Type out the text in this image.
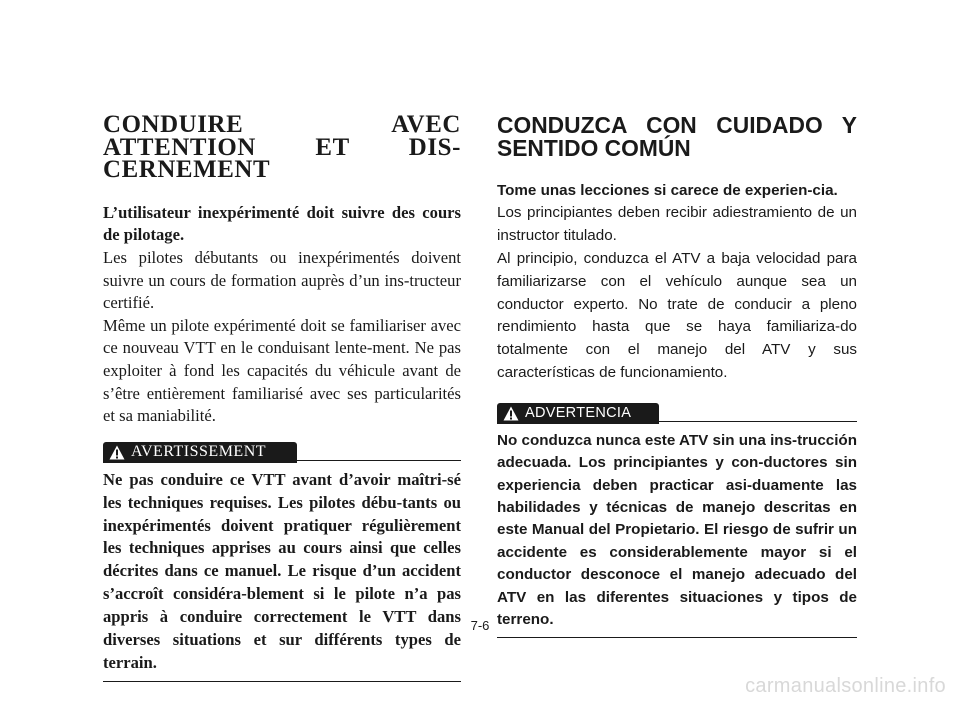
CONDUIRE AVEC ATTENTION ET DIS-CERNEMENT
L’utilisateur inexpérimenté doit suivre des cours de pilotage.

Les pilotes débutants ou inexpérimentés doivent suivre un cours de formation auprès d’un ins-tructeur certifié.

Même un pilote expérimenté doit se familiariser avec ce nouveau VTT en le conduisant lente-ment. Ne pas exploiter à fond les capacités du véhicule avant de s’être entièrement familiarisé avec ses particularités et sa maniabilité.

AVERTISSEMENT
Ne pas conduire ce VTT avant d’avoir maîtri-sé les techniques requises. Les pilotes débu-tants ou inexpérimentés doivent pratiquer régulièrement les techniques apprises au cours ainsi que celles décrites dans ce manuel. Le risque d’un accident s’accroît considéra-blement si le pilote n’a pas appris à conduire correctement le VTT dans diverses situations et sur différents types de terrain.
CONDUZCA CON CUIDADO Y SENTIDO COMÚN
Tome unas lecciones si carece de experien-cia.

Los principiantes deben recibir adiestramiento de un instructor titulado.

Al principio, conduzca el ATV a baja velocidad para familiarizarse con el vehículo aunque sea un conductor experto. No trate de conducir a pleno rendimiento hasta que se haya familiariza-do totalmente con el manejo del ATV y sus características de funcionamiento.

ADVERTENCIA
No conduzca nunca este ATV sin una ins-trucción adecuada. Los principiantes y con-ductores sin experiencia deben practicar asi-duamente las habilidades y técnicas de manejo descritas en este Manual del Propietario. El riesgo de sufrir un accidente es considerablemente mayor si el conductor desconoce el manejo adecuado del ATV en las diferentes situaciones y tipos de terreno.
7-6
carmanualsonline.info
